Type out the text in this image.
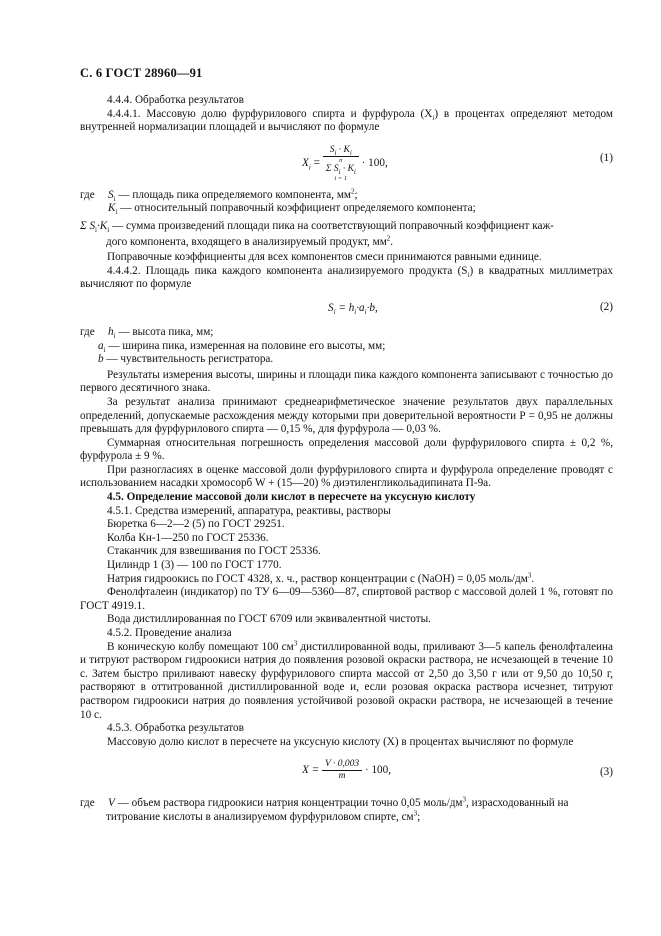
С. 6 ГОСТ 28960—91

4.4.4. Обработка результатов

4.4.4.1. Массовую долю фурфурилового спирта и фурфурола $(X_i)$ в процентах определяют методом внутренней нормализации площадей и вычисляют по формуле

$X_i = S_i \cdot K_i$
n
Σ $S_i \cdot K_i$
i = 1 · 100,	(1)
где	$S_i$ — площадь пика определяемого компонента, $мм^2$;
$K_i$ — относительный поправочный коэффициент определяемого компонента;
Σ $S_i\cdot K_i$ — сумма произведений площади пика на соответствующий поправочный коэффициент каж-
дого компонента, входящего в анализируемый продукт, $мм^2$.

Поправочные коэффициенты для всех компонентов смеси принимаются равными единице.

4.4.4.2. Площадь пика каждого компонента анализируемого продукта $(S_i)$ в квадратных миллиметрах вычисляют по формуле

$S_i = h_i\cdot a_i\cdot b$,	(2)
где	$h_i$ — высота пика, мм;
$a_i$ — ширина пика, измеренная на половине его высоты, мм;
b — чувствительность регистратора.

Результаты измерения высоты, ширины и площади пика каждого компонента записывают с точностью до первого десятичного знака.

За результат анализа принимают среднеарифметическое значение результатов двух параллельных определений, допускаемые расхождения между которыми при доверительной вероятности P = 0,95 не должны превышать для фурфурилового спирта — 0,15 %, для фурфурола — 0,03 %.

Суммарная относительная погрешность определения массовой доли фурфурилового спирта ± 0,2 %, фурфурола ± 9 %.

При разногласиях в оценке массовой доли фурфурилового спирта и фурфурола определение проводят с использованием насадки хромосорб W + (15—20) % диэтиленгликольадипината П-9а.

4.5. Определение массовой доли кислот в пересчете на уксусную кислоту

4.5.1. Средства измерений, аппаратура, реактивы, растворы

Бюретка 6—2—2 (5) по ГОСТ 29251.

Колба Кн-1—250 по ГОСТ 25336.

Стаканчик для взвешивания по ГОСТ 25336.

Цилиндр 1 (3) — 100 по ГОСТ 1770.

Натрия гидроокись по ГОСТ 4328, х. ч., раствор концентрации c (NaOH) = 0,05 моль/$дм^3$.

Фенолфталеин (индикатор) по ТУ 6—09—5360—87, спиртовой раствор с массовой долей 1 %, готовят по ГОСТ 4919.1.

Вода дистиллированная по ГОСТ 6709 или эквивалентной чистоты.

4.5.2. Проведение анализа

В коническую колбу помещают 100 $см^3$ дистиллированной воды, приливают 3—5 капель фенолфталеина и титруют раствором гидроокиси натрия до появления розовой окраски раствора, не исчезающей в течение 10 с. Затем быстро приливают навеску фурфурилового спирта массой от 2,50 до 3,50 г или от 9,50 до 10,50 г, растворяют в оттитрованной дистиллированной воде и, если розовая окраска раствора исчезнет, титруют раствором гидроокиси натрия до появления устойчивой розовой окраски раствора, не исчезающей в течение 10 с.

4.5.3. Обработка результатов

Массовую долю кислот в пересчете на уксусную кислоту (X) в процентах вычисляют по формуле

$X = \frac{V \cdot 0,003}{m} \cdot 100$,	(3)
где	V — объем раствора гидроокиси натрия концентрации точно 0,05 моль/$дм^3$, израсходованный на
титрование кислоты в анализируемом фурфуриловом спирте, $см^3$;
